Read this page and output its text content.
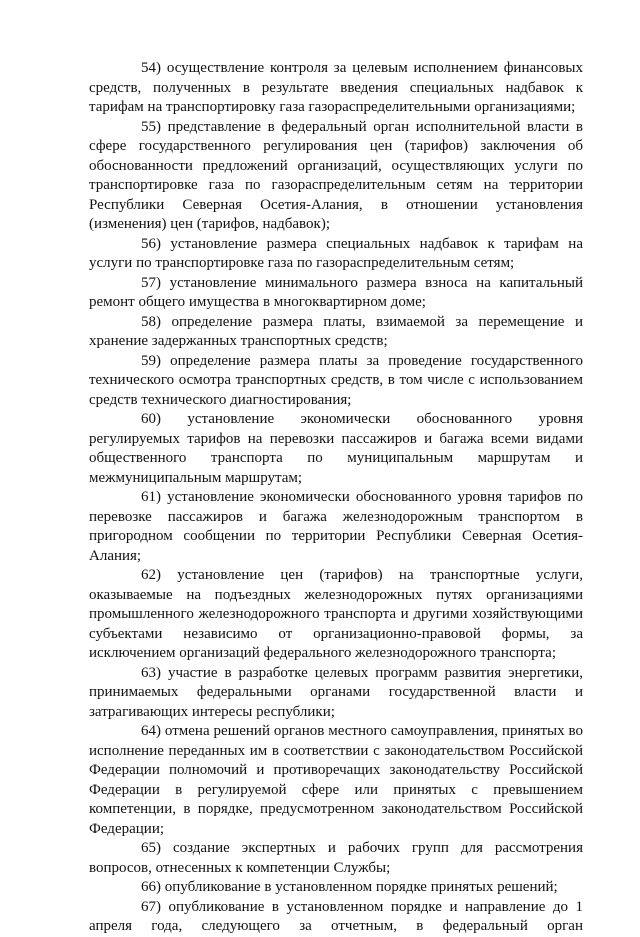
54) осуществление контроля за целевым исполнением финансовых средств, полученных в результате введения специальных надбавок к тарифам на транспортировку газа газораспределительными организациями;

55) представление в федеральный орган исполнительной власти в сфере государственного регулирования цен (тарифов) заключения об обоснованности предложений организаций, осуществляющих услуги по транспортировке газа по газораспределительным сетям на территории Республики Северная Осетия-Алания, в отношении установления (изменения) цен (тарифов, надбавок);

56) установление размера специальных надбавок к тарифам на услуги по транспортировке газа по газораспределительным сетям;

57) установление минимального размера взноса на капитальный ремонт общего имущества в многоквартирном доме;

58) определение размера платы, взимаемой за перемещение и хранение задержанных транспортных средств;

59) определение размера платы за проведение государственного технического осмотра транспортных средств, в том числе с использованием средств технического диагностирования;

60) установление экономически обоснованного уровня регулируемых тарифов на перевозки пассажиров и багажа всеми видами общественного транспорта по муниципальным маршрутам и межмуниципальным маршрутам;

61) установление экономически обоснованного уровня тарифов по перевозке пассажиров и багажа железнодорожным транспортом в пригородном сообщении по территории Республики Северная Осетия-Алания;

62) установление цен (тарифов) на транспортные услуги, оказываемые на подъездных железнодорожных путях организациями промышленного железнодорожного транспорта и другими хозяйствующими субъектами независимо от организационно-правовой формы, за исключением организаций федерального железнодорожного транспорта;

63) участие в разработке целевых программ развития энергетики, принимаемых федеральными органами государственной власти и затрагивающих интересы республики;

64) отмена решений органов местного самоуправления, принятых во исполнение переданных им в соответствии с законодательством Российской Федерации полномочий и противоречащих законодательству Российской Федерации в регулируемой сфере или принятых с превышением компетенции, в порядке, предусмотренном законодательством Российской Федерации;

65) создание экспертных и рабочих групп для рассмотрения вопросов, отнесенных к компетенции Службы;

66) опубликование в установленном порядке принятых решений;

67) опубликование в установленном порядке и направление до 1 апреля года, следующего за отчетным, в федеральный орган
